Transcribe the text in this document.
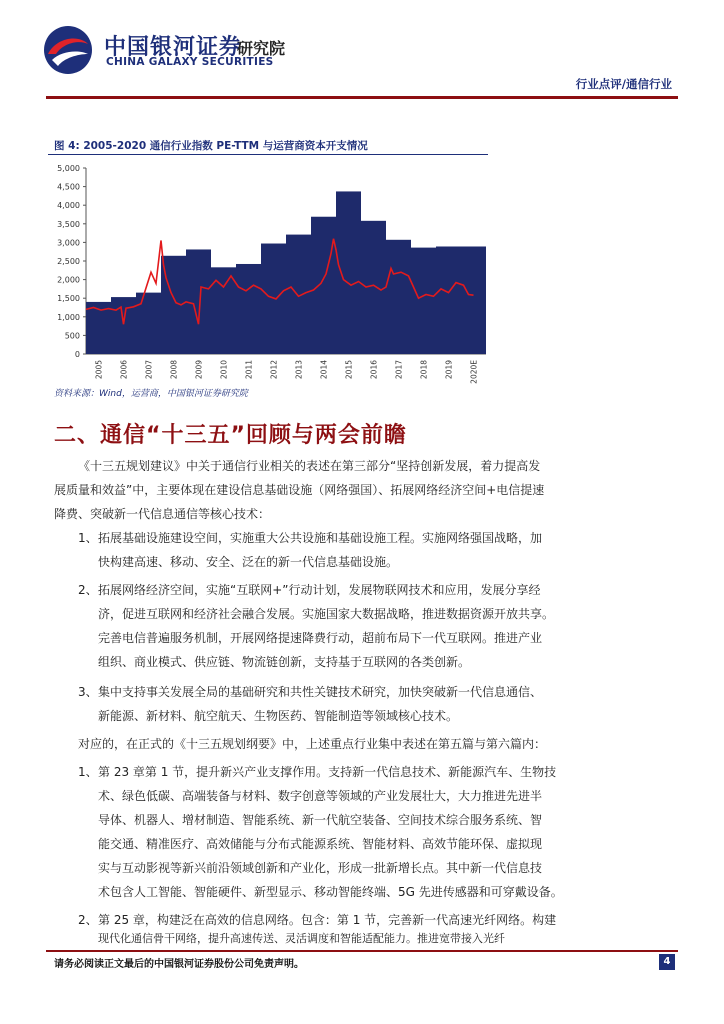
中国银河证券
CHINA GALAXY SECURITIES
研究院
行业点评/通信行业
图 4: 2005-2020 通信行业指数 PE-TTM 与运营商资本开支情况
0
500
1,000
1,500
2,000
2,500
3,000
3,500
4,000
4,500
5,000
2005 2006 2007 2008 2009 2010 2011 2012 2013 2014 2015 2016 2017 2018 2019 2020E
资料来源：Wind，运营商，中国银河证券研究院
二、通信“十三五”回顾与两会前瞻
《十三五规划建议》中关于通信行业相关的表述在第三部分“坚持创新发展，着力提高发
展质量和效益”中，主要体现在建设信息基础设施（网络强国）、拓展网络经济空间+电信提速
降费、突破新一代信息通信等核心技术：
1、 拓展基础设施建设空间，实施重大公共设施和基础设施工程。实施网络强国战略，加
快构建高速、移动、安全、泛在的新一代信息基础设施。
2、 拓展网络经济空间，实施“互联网+”行动计划，发展物联网技术和应用，发展分享经
济，促进互联网和经济社会融合发展。实施国家大数据战略，推进数据资源开放共享。
完善电信普遍服务机制，开展网络提速降费行动，超前布局下一代互联网。推进产业
组织、商业模式、供应链、物流链创新，支持基于互联网的各类创新。
3、 集中支持事关发展全局的基础研究和共性关键技术研究，加快突破新一代信息通信、
新能源、新材料、航空航天、生物医药、智能制造等领域核心技术。
对应的，在正式的《十三五规划纲要》中，上述重点行业集中表述在第五篇与第六篇内：
1、 第 23 章第 1 节，提升新兴产业支撑作用。支持新一代信息技术、新能源汽车、生物技
术、绿色低碳、高端装备与材料、数字创意等领域的产业发展壮大，大力推进先进半
导体、机器人、增材制造、智能系统、新一代航空装备、空间技术综合服务系统、智
能交通、精准医疗、高效储能与分布式能源系统、智能材料、高效节能环保、虚拟现
实与互动影视等新兴前沿领域创新和产业化，形成一批新增长点。其中新一代信息技
术包含人工智能、智能硬件、新型显示、移动智能终端、5G 先进传感器和可穿戴设备。
2、 第 25 章，构建泛在高效的信息网络。包含：第 1 节，完善新一代高速光纤网络。构建
现代化通信骨干网络，提升高速传送、灵活调度和智能适配能力。推进宽带接入光纤
请务必阅读正文最后的中国银河证券股份公司免责声明。	4
